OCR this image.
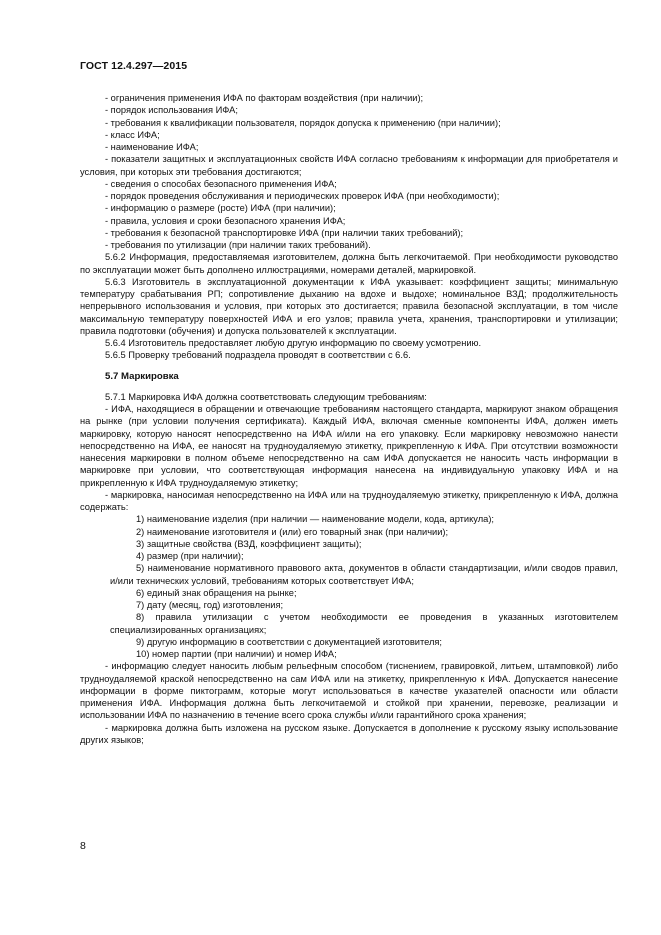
ГОСТ 12.4.297—2015

- ограничения применения ИФА по факторам воздействия (при наличии);

- порядок использования ИФА;

- требования к квалификации пользователя, порядок допуска к применению (при наличии);

- класс ИФА;

- наименование ИФА;

- показатели защитных и эксплуатационных свойств ИФА согласно требованиям к информации для приобретателя и условия, при которых эти требования достигаются;

- сведения о способах безопасного применения ИФА;

- порядок проведения обслуживания и периодических проверок ИФА (при необходимости);

- информацию о размере (росте) ИФА (при наличии);

- правила, условия и сроки безопасного хранения ИФА;

- требования к безопасной транспортировке ИФА (при наличии таких требований);

- требования по утилизации (при наличии таких требований).

5.6.2 Информация, предоставляемая изготовителем, должна быть легкочитаемой. При необходимости руководство по эксплуатации может быть дополнено иллюстрациями, номерами деталей, маркировкой.

5.6.3 Изготовитель в эксплуатационной документации к ИФА указывает: коэффициент защиты; минимальную температуру срабатывания РП; сопротивление дыханию на вдохе и выдохе; номинальное ВЗД; продолжительность непрерывного использования и условия, при которых это достигается; правила безопасной эксплуатации, в том числе максимальную температуру поверхностей ИФА и его узлов; правила учета, хранения, транспортировки и утилизации; правила подготовки (обучения) и допуска пользователей к эксплуатации.

5.6.4 Изготовитель предоставляет любую другую информацию по своему усмотрению.

5.6.5 Проверку требований подраздела проводят в соответствии с 6.6.

5.7 Маркировка

5.7.1 Маркировка ИФА должна соответствовать следующим требованиям:

- ИФА, находящиеся в обращении и отвечающие требованиям настоящего стандарта, маркируют знаком обращения на рынке (при условии получения сертификата). Каждый ИФА, включая сменные компоненты ИФА, должен иметь маркировку, которую наносят непосредственно на ИФА и/или на его упаковку. Если маркировку невозможно нанести непосредственно на ИФА, ее наносят на трудноудаляемую этикетку, прикрепленную к ИФА. При отсутствии возможности нанесения маркировки в полном объеме непосредственно на сам ИФА допускается не наносить часть информации в маркировке при условии, что соответствующая информация нанесена на индивидуальную упаковку ИФА и на прикрепленную к ИФА трудноудаляемую этикетку;

- маркировка, наносимая непосредственно на ИФА или на трудноудаляемую этикетку, прикрепленную к ИФА, должна содержать:

1) наименование изделия (при наличии — наименование модели, кода, артикула);

2) наименование изготовителя и (или) его товарный знак (при наличии);

3) защитные свойства (ВЗД, коэффициент защиты);

4) размер (при наличии);

5) наименование нормативного правового акта, документов в области стандартизации, и/или сводов правил, и/или технических условий, требованиям которых соответствует ИФА;

6) единый знак обращения на рынке;

7) дату (месяц, год) изготовления;

8) правила утилизации с учетом необходимости ее проведения в указанных изготовителем специализированных организациях;

9) другую информацию в соответствии с документацией изготовителя;

10) номер партии (при наличии) и номер ИФА;

- информацию следует наносить любым рельефным способом (тиснением, гравировкой, литьем, штамповкой) либо трудноудаляемой краской непосредственно на сам ИФА или на этикетку, прикрепленную к ИФА. Допускается нанесение информации в форме пиктограмм, которые могут использоваться в качестве указателей опасности или области применения ИФА. Информация должна быть легкочитаемой и стойкой при хранении, перевозке, реализации и использовании ИФА по назначению в течение всего срока службы и/или гарантийного срока хранения;

- маркировка должна быть изложена на русском языке. Допускается в дополнение к русскому языку использование других языков;

8
